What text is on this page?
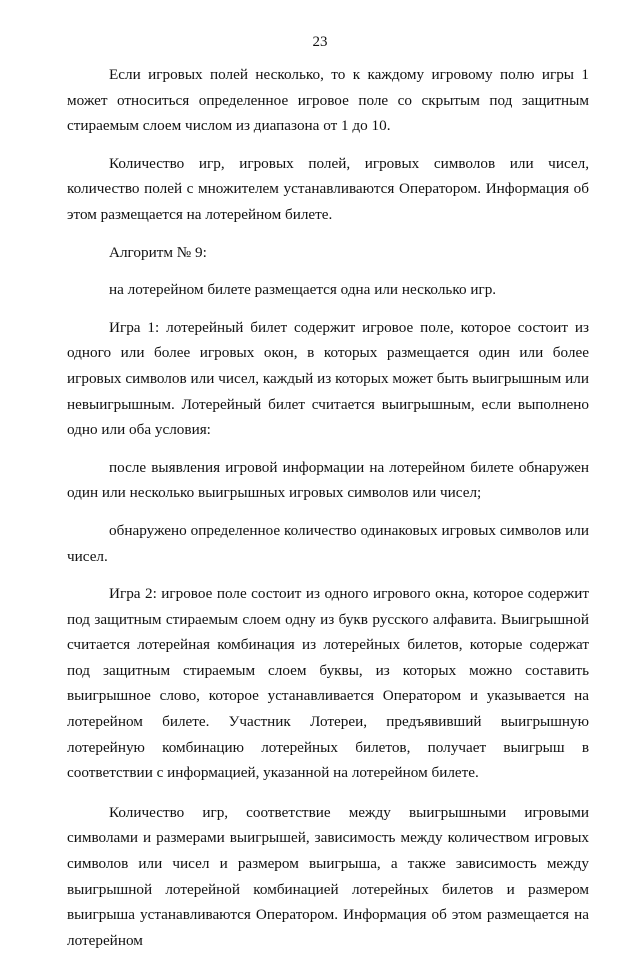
23

Если игровых полей несколько, то к каждому игровому полю игры 1 может относиться определенное игровое поле со скрытым под защитным стираемым слоем числом из диапазона от 1 до 10.

Количество игр, игровых полей, игровых символов или чисел, количество полей с множителем устанавливаются Оператором. Информация об этом размещается на лотерейном билете.

Алгоритм № 9:

на лотерейном билете размещается одна или несколько игр.

Игра 1: лотерейный билет содержит игровое поле, которое состоит из одного или более игровых окон, в которых размещается один или более игровых символов или чисел, каждый из которых может быть выигрышным или невыигрышным. Лотерейный билет считается выигрышным, если выполнено одно или оба условия:

после выявления игровой информации на лотерейном билете обнаружен один или несколько выигрышных игровых символов или чисел;

обнаружено определенное количество одинаковых игровых символов или чисел.

Игра 2: игровое поле состоит из одного игрового окна, которое содержит под защитным стираемым слоем одну из букв русского алфавита. Выигрышной считается лотерейная комбинация из лотерейных билетов, которые содержат под защитным стираемым слоем буквы, из которых можно составить выигрышное слово, которое устанавливается Оператором и указывается на лотерейном билете. Участник Лотереи, предъявивший выигрышную лотерейную комбинацию лотерейных билетов, получает выигрыш в соответствии с информацией, указанной на лотерейном билете.

Количество игр, соответствие между выигрышными игровыми символами и размерами выигрышей, зависимость между количеством игровых символов или чисел и размером выигрыша, а также зависимость между выигрышной лотерейной комбинацией лотерейных билетов и размером выигрыша устанавливаются Оператором. Информация об этом размещается на лотерейном
